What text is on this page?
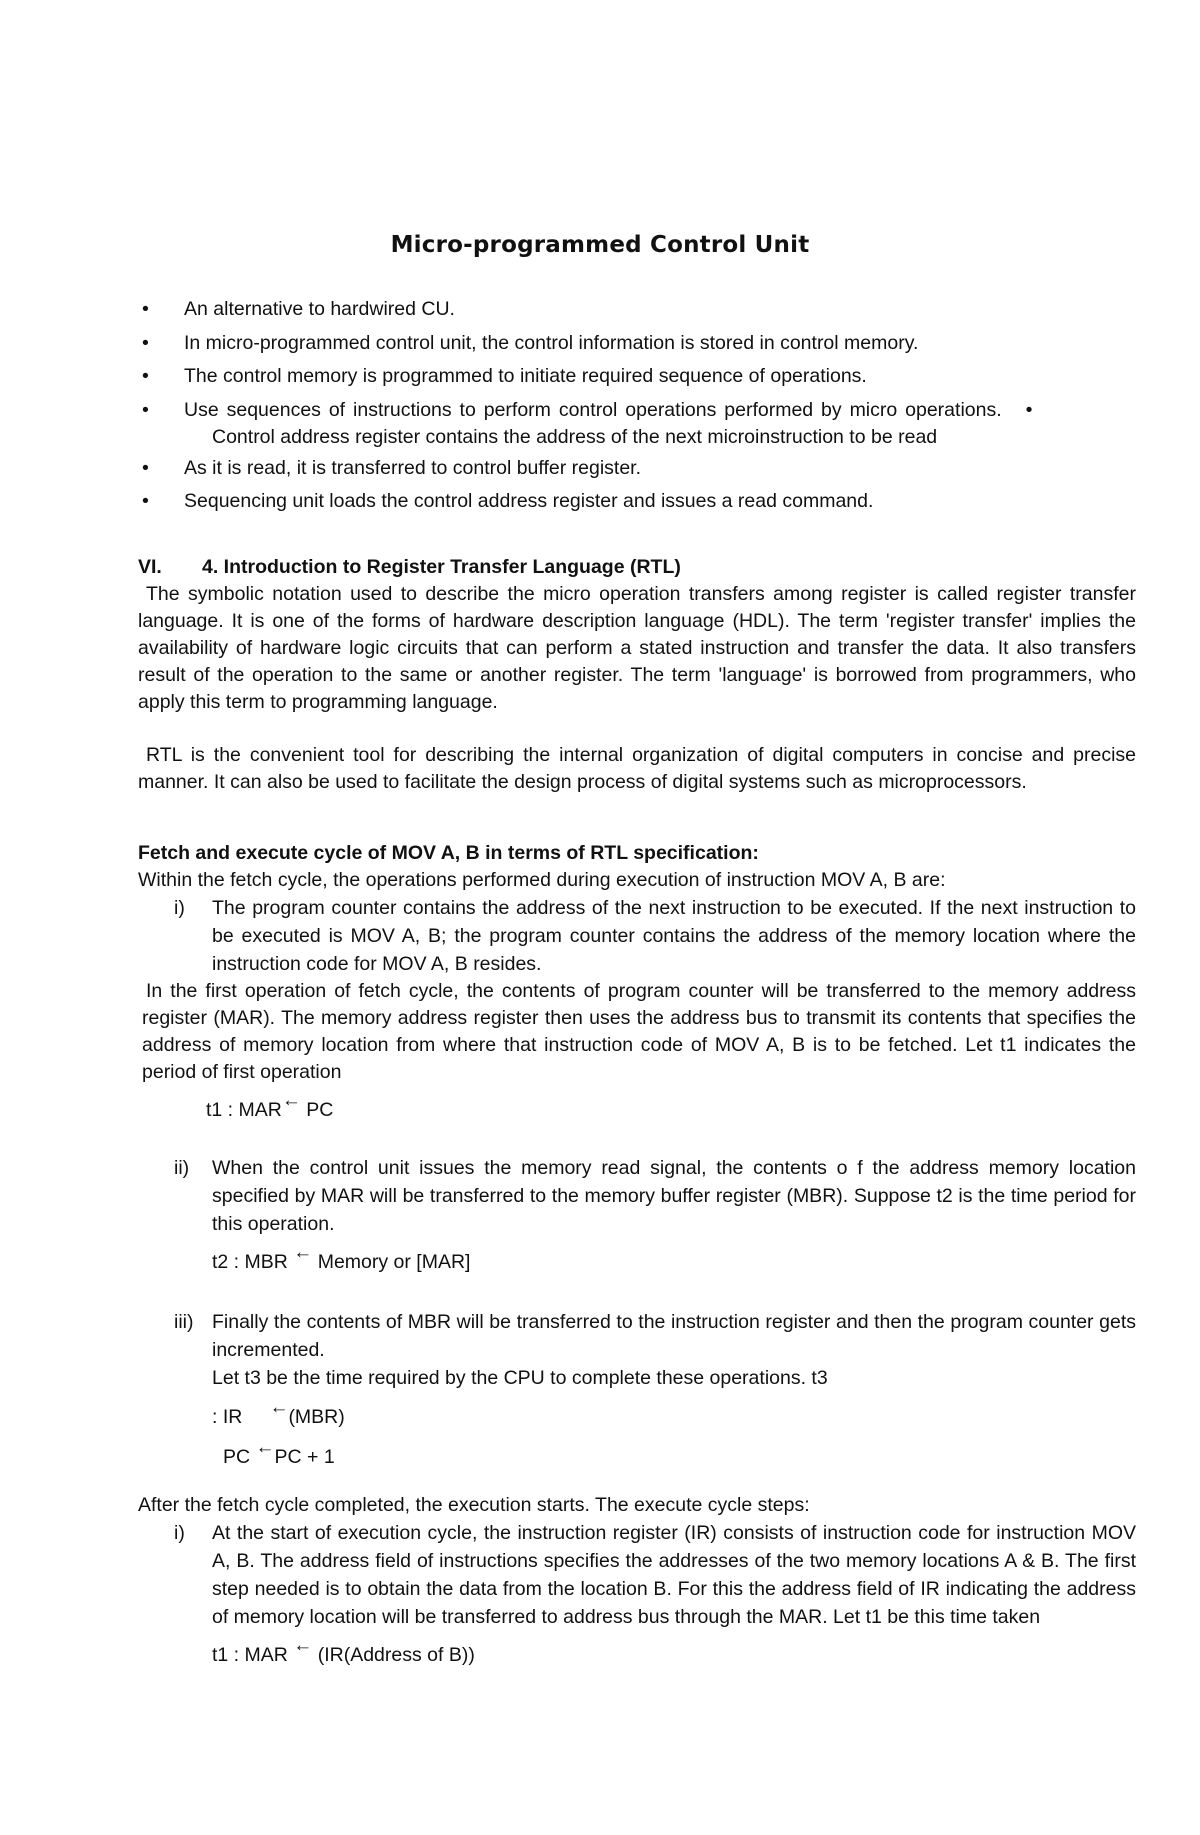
Micro-programmed Control Unit
• An alternative to hardwired CU.
• In micro-programmed control unit, the control information is stored in control memory.
• The control memory is programmed to initiate required sequence of operations.
• Use sequences of instructions to perform control operations performed by micro operations. •
Control address register contains the address of the next microinstruction to be read
• As it is read, it is transferred to control buffer register.
• Sequencing unit loads the control address register and issues a read command.
VI. 4. Introduction to Register Transfer Language (RTL)

The symbolic notation used to describe the micro operation transfers among register is called register transfer language. It is one of the forms of hardware description language (HDL). The term 'register transfer' implies the availability of hardware logic circuits that can perform a stated instruction and transfer the data. It also transfers result of the operation to the same or another register. The term 'language' is borrowed from programmers, who apply this term to programming language.

RTL is the convenient tool for describing the internal organization of digital computers in concise and precise manner. It can also be used to facilitate the design process of digital systems such as microprocessors.

Fetch and execute cycle of MOV A, B in terms of RTL specification:
Within the fetch cycle, the operations performed during execution of instruction MOV A, B are:

i) The program counter contains the address of the next instruction to be executed. If the next instruction to be executed is MOV A, B; the program counter contains the address of the memory location where the instruction code for MOV A, B resides.

In the first operation of fetch cycle, the contents of program counter will be transferred to the memory address register (MAR). The memory address register then uses the address bus to transmit its contents that specifies the address of memory location from where that instruction code of MOV A, B is to be fetched. Let t1 indicates the period of first operation

t1 : MAR← PC

ii) When the control unit issues the memory read signal, the contents o f the address memory location specified by MAR will be transferred to the memory buffer register (MBR). Suppose t2 is the time period for this operation.

t2 : MBR ← Memory or [MAR]

iii) Finally the contents of MBR will be transferred to the instruction register and then the program counter gets incremented.

Let t3 be the time required by the CPU to complete these operations. t3
: IR ←(MBR)
PC ←PC + 1
After the fetch cycle completed, the execution starts. The execute cycle steps:

i) At the start of execution cycle, the instruction register (IR) consists of instruction code for instruction MOV A, B. The address field of instructions specifies the addresses of the two memory locations A & B. The first step needed is to obtain the data from the location B. For this the address field of IR indicating the address of memory location will be transferred to address bus through the MAR. Let t1 be this time taken

t1 : MAR ← (IR(Address of B))
